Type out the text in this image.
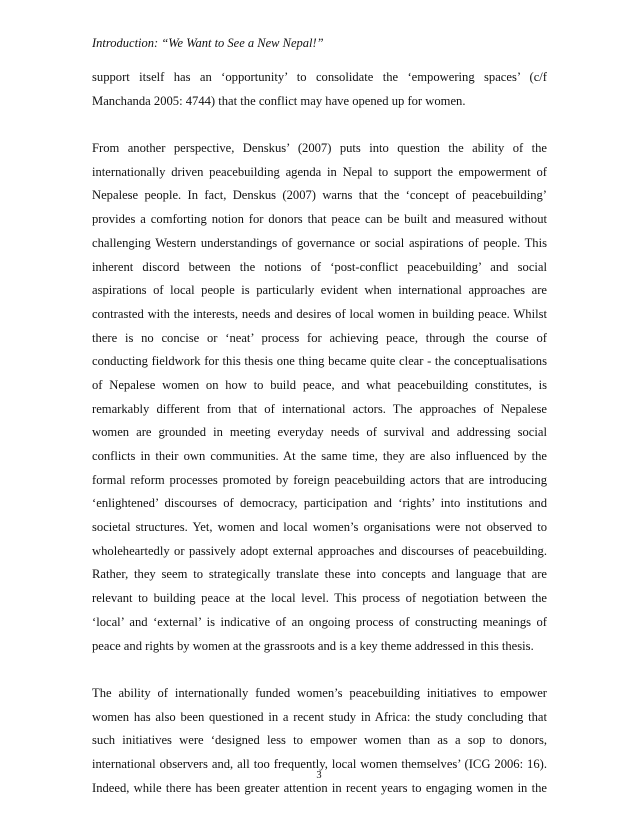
Introduction: “We Want to See a New Nepal!”
support itself has an ‘opportunity’ to consolidate the ‘empowering spaces’ (c/f
Manchanda 2005: 4744) that the conflict may have opened up for women.
From another perspective, Denskus’ (2007) puts into question the ability of the
internationally driven peacebuilding agenda in Nepal to support the empowerment of
Nepalese people. In fact, Denskus (2007) warns that the ‘concept of peacebuilding’
provides a comforting notion for donors that peace can be built and measured without
challenging Western understandings of governance or social aspirations of people. This
inherent discord between the notions of ‘post-conflict peacebuilding’ and social
aspirations of local people is particularly evident when international approaches are
contrasted with the interests, needs and desires of local women in building peace. Whilst
there is no concise or ‘neat’ process for achieving peace, through the course of
conducting fieldwork for this thesis one thing became quite clear - the conceptualisations
of Nepalese women on how to build peace, and what peacebuilding constitutes, is
remarkably different from that of international actors. The approaches of Nepalese
women are grounded in meeting everyday needs of survival and addressing social
conflicts in their own communities. At the same time, they are also influenced by the
formal reform processes promoted by foreign peacebuilding actors that are introducing
‘enlightened’ discourses of democracy, participation and ‘rights’ into institutions and
societal structures. Yet, women and local women’s organisations were not observed to
wholeheartedly or passively adopt external approaches and discourses of peacebuilding.
Rather, they seem to strategically translate these into concepts and language that are
relevant to building peace at the local level. This process of negotiation between the
‘local’ and ‘external’ is indicative of an ongoing process of constructing meanings of
peace and rights by women at the grassroots and is a key theme addressed in this thesis.
The ability of internationally funded women’s peacebuilding initiatives to empower
women has also been questioned in a recent study in Africa: the study concluding that
such initiatives were ‘designed less to empower women than as a sop to donors,
international observers and, all too frequently, local women themselves’ (ICG 2006: 16).
Indeed, while there has been greater attention in recent years to engaging women in the
3
